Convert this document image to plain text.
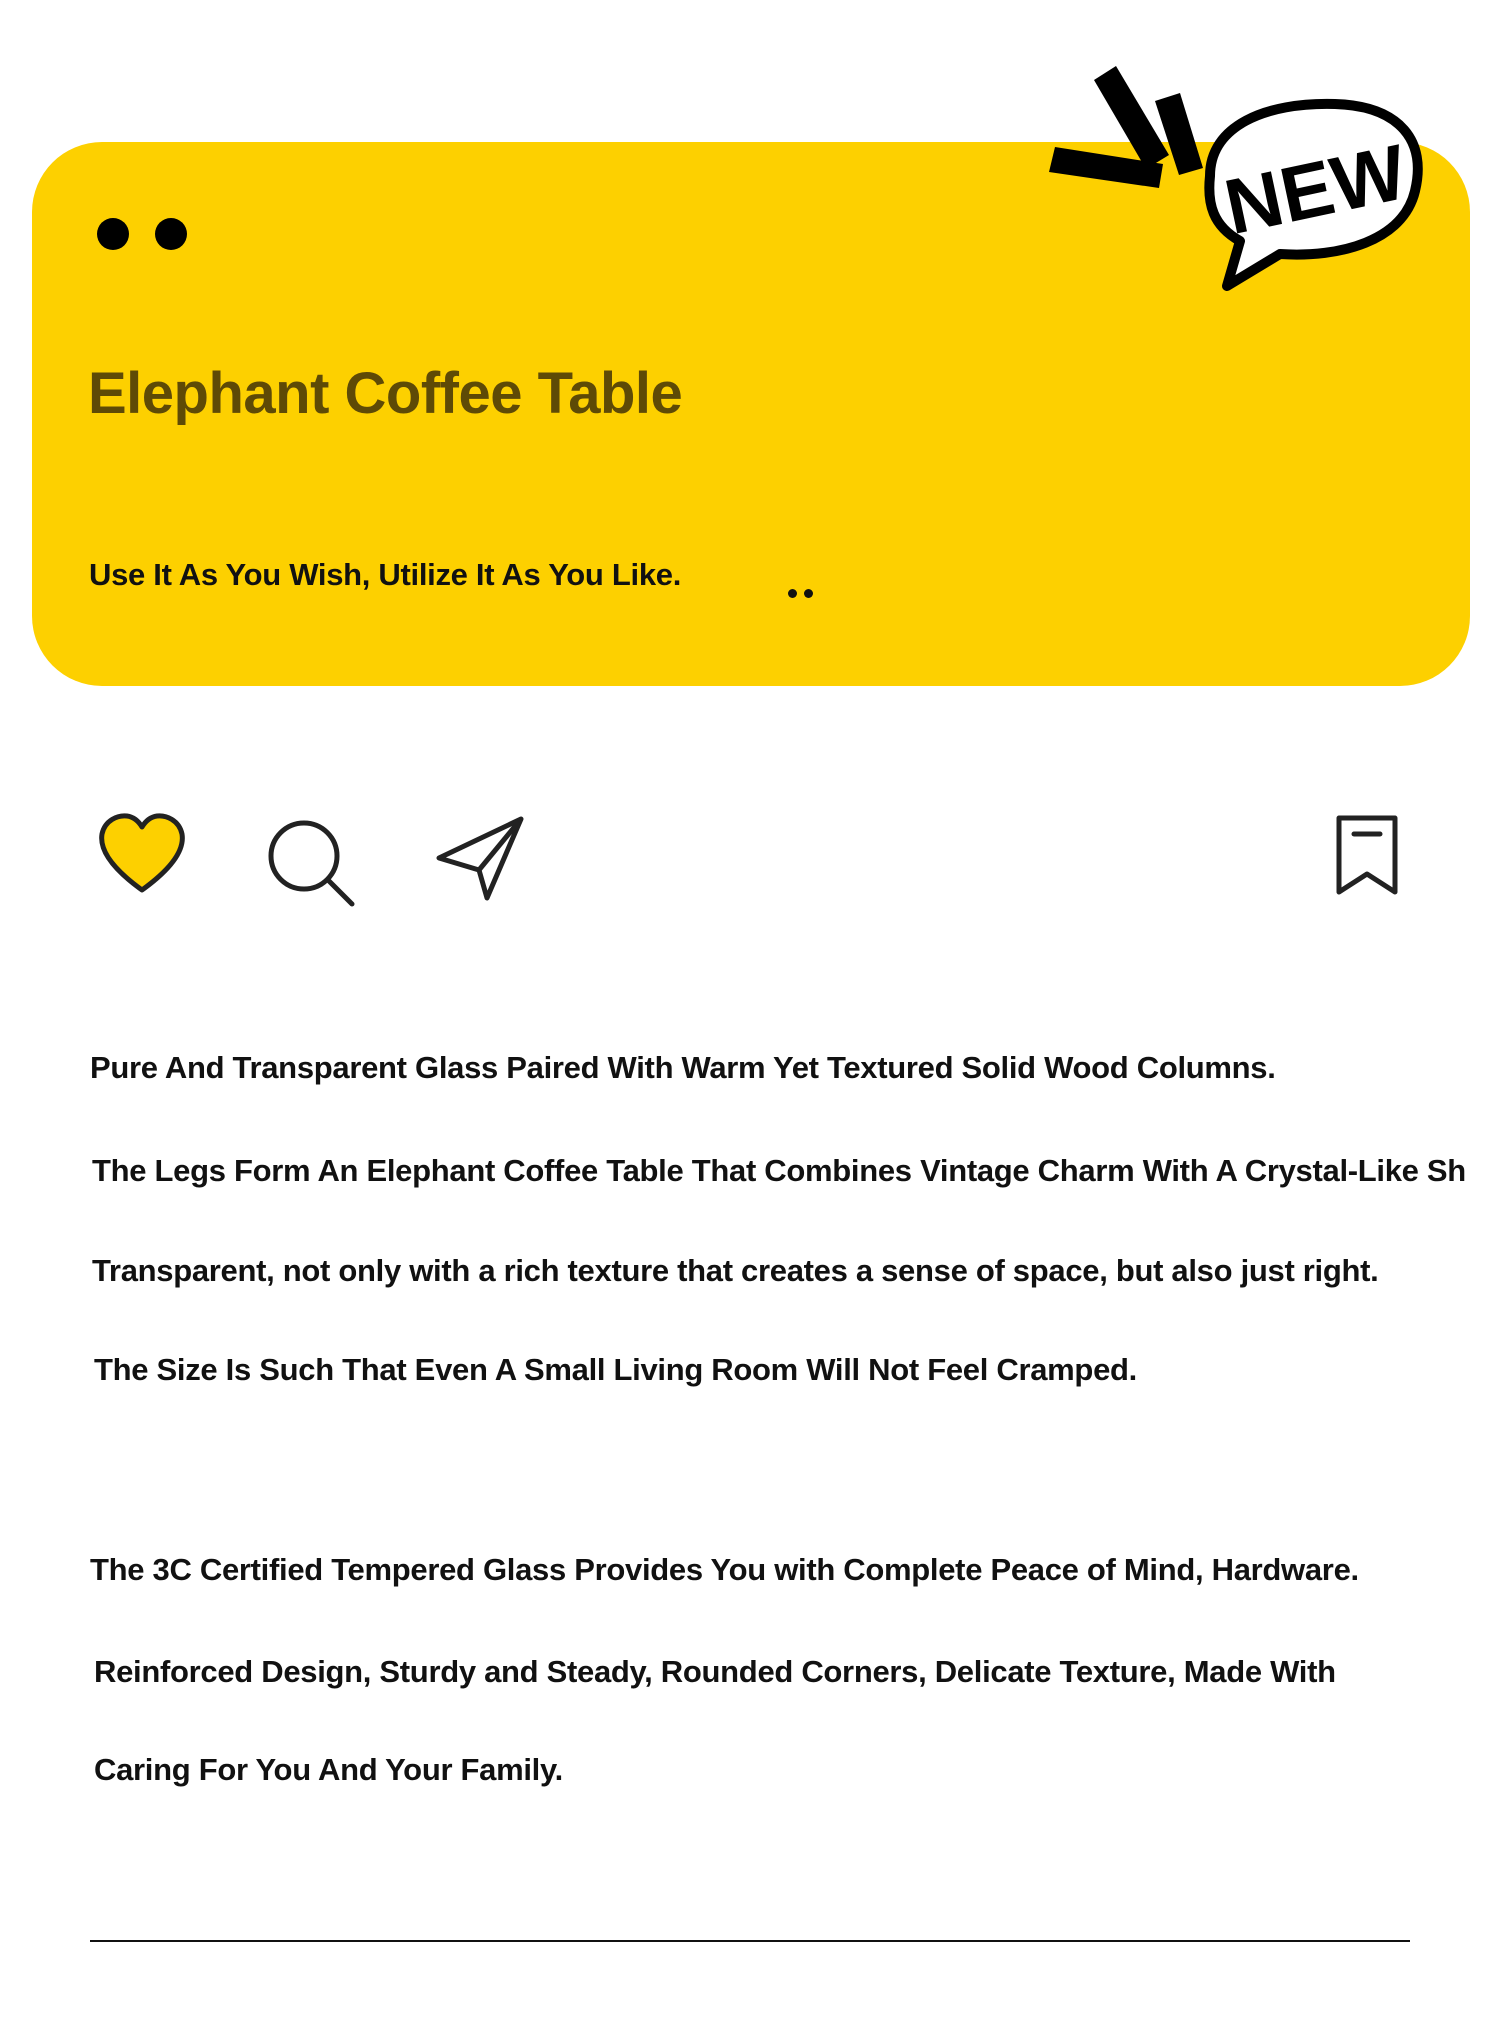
Elephant Coffee Table

Use It As You Wish, Utilize It As You Like.

NEW

Pure And Transparent Glass Paired With Warm Yet Textured Solid Wood Columns.

The Legs Form An Elephant Coffee Table That Combines Vintage Charm With A Crystal-Like Sh

Transparent, not only with a rich texture that creates a sense of space, but also just right.

The Size Is Such That Even A Small Living Room Will Not Feel Cramped.

The 3C Certified Tempered Glass Provides You with Complete Peace of Mind, Hardware.

Reinforced Design, Sturdy and Steady, Rounded Corners, Delicate Texture, Made With

Caring For You And Your Family.
